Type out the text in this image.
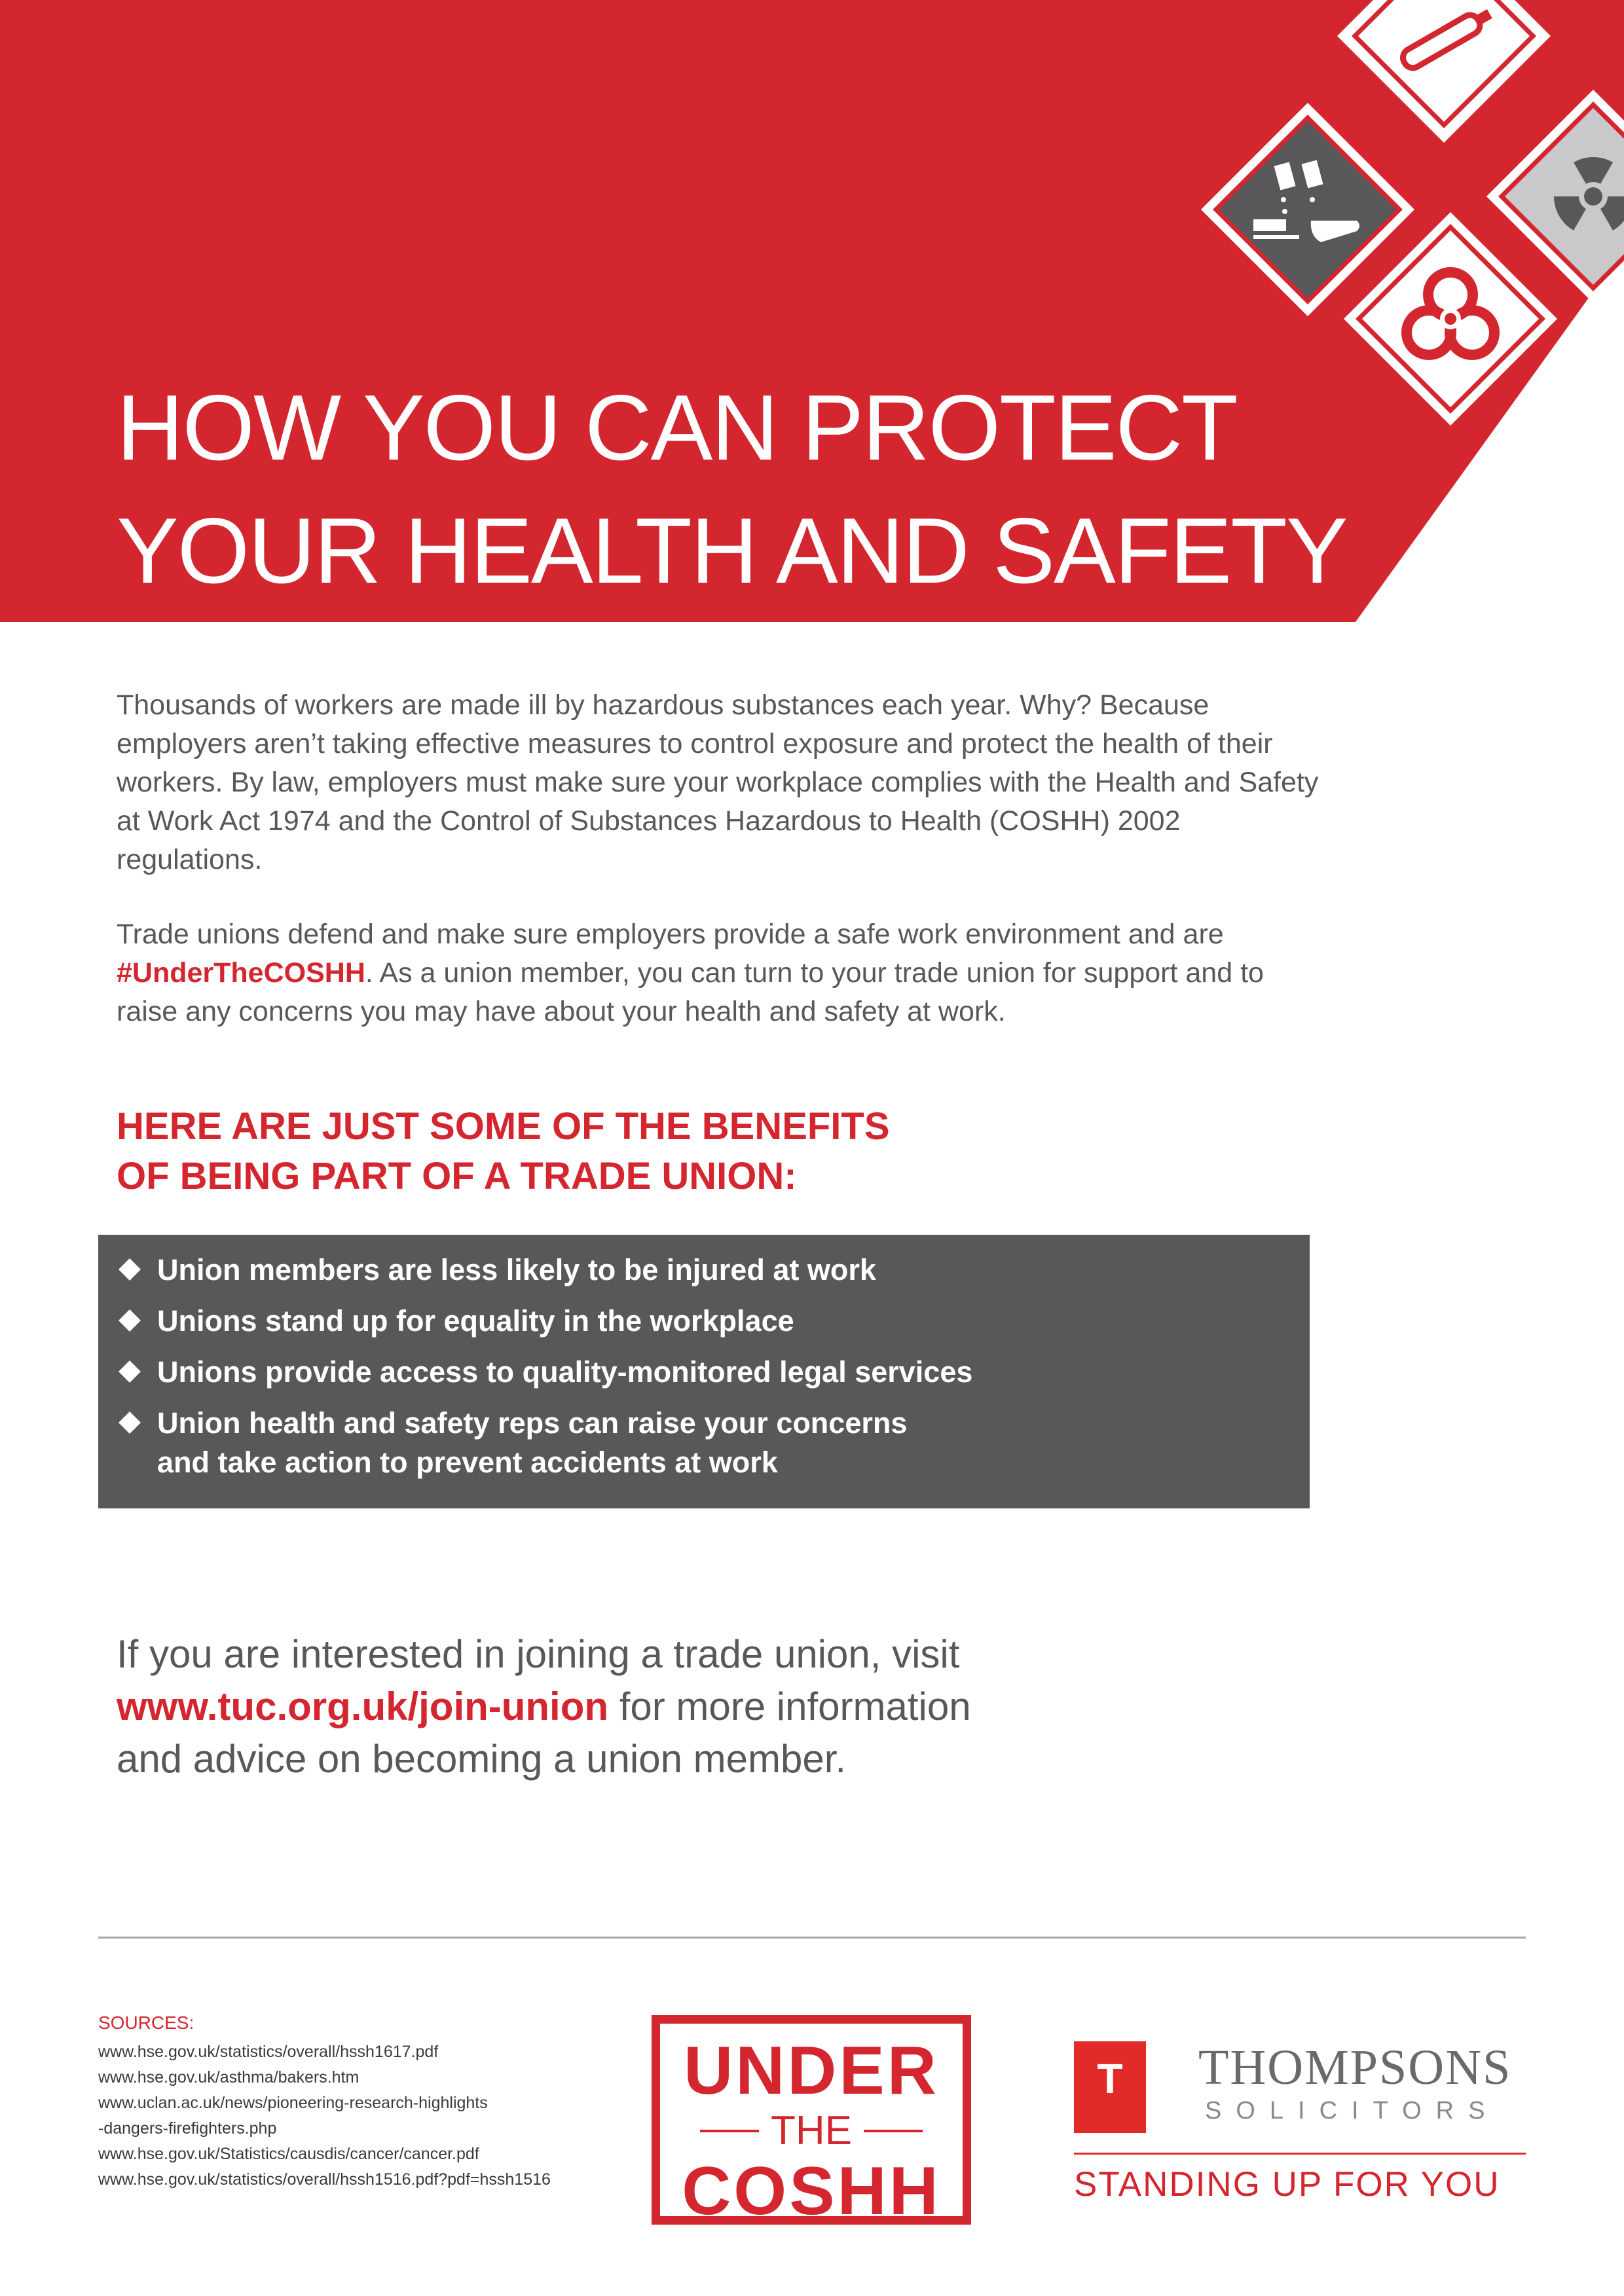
HOW YOU CAN PROTECT
YOUR HEALTH AND SAFETY

Thousands of workers are made ill by hazardous substances each year. Why? Because employers aren’t taking effective measures to control exposure and protect the health of their workers. By law, employers must make sure your workplace complies with the Health and Safety at Work Act 1974 and the Control of Substances Hazardous to Health (COSHH) 2002 regulations.

Trade unions defend and make sure employers provide a safe work environment and are #UnderTheCOSHH. As a union member, you can turn to your trade union for support and to raise any concerns you may have about your health and safety at work.

HERE ARE JUST SOME OF THE BENEFITS
OF BEING PART OF A TRADE UNION:
Union members are less likely to be injured at work
Unions stand up for equality in the workplace
Unions provide access to quality-monitored legal services
Union health and safety reps can raise your concerns
and take action to prevent accidents at work

If you are interested in joining a trade union, visit
www.tuc.org.uk/join-union for more information
and advice on becoming a union member.

SOURCES:
www.hse.gov.uk/statistics/overall/hssh1617.pdf
www.hse.gov.uk/asthma/bakers.htm
www.uclan.ac.uk/news/pioneering-research-highlights
-dangers-firefighters.php
www.hse.gov.uk/Statistics/causdis/cancer/cancer.pdf
www.hse.gov.uk/statistics/overall/hssh1516.pdf?pdf=hssh1516
UNDER
THE
COSHH
T	THOMPSONS
SOLICITORS
STANDING UP FOR YOU
